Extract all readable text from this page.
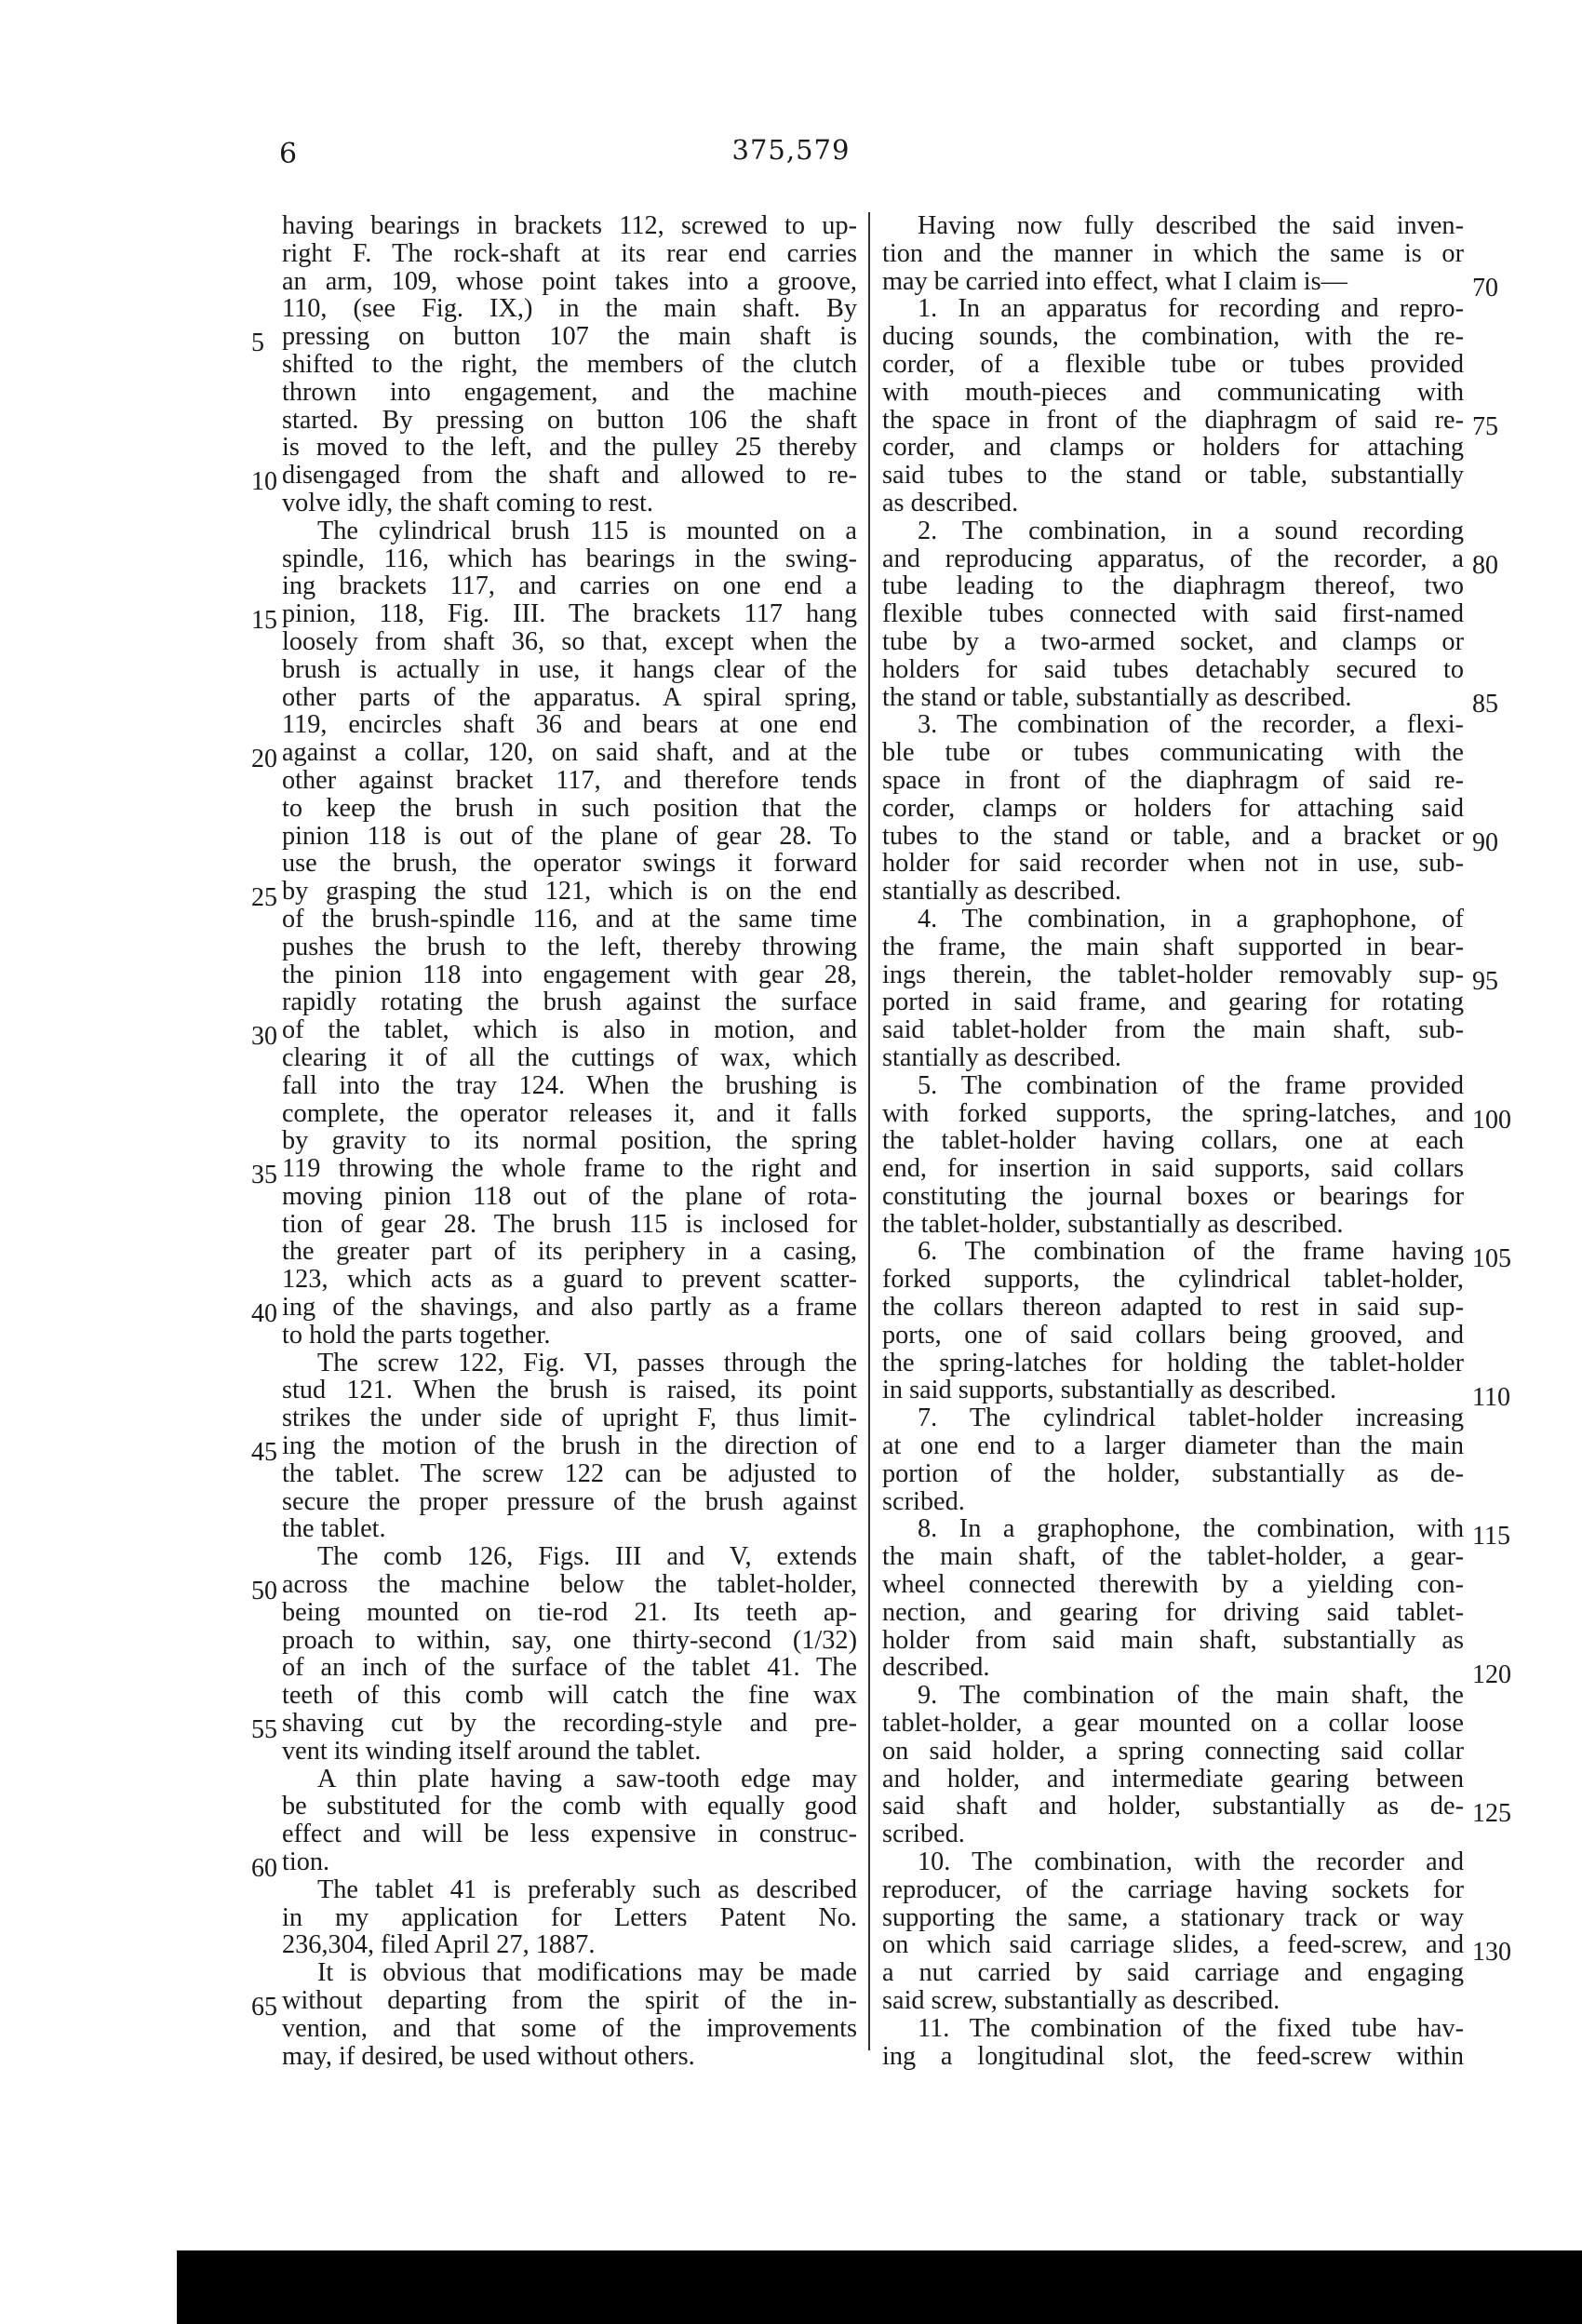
6	375,579
having bearings in brackets 112, screwed to up-
right F. The rock-shaft at its rear end carries
an arm, 109, whose point takes into a groove,
110, (see Fig. IX,) in the main shaft. By
pressing on button 107 the main shaft is
shifted to the right, the members of the clutch
thrown into engagement, and the machine
started. By pressing on button 106 the shaft
is moved to the left, and the pulley 25 thereby
disengaged from the shaft and allowed to re-
volve idly, the shaft coming to rest.
The cylindrical brush 115 is mounted on a
spindle, 116, which has bearings in the swing-
ing brackets 117, and carries on one end a
pinion, 118, Fig. III. The brackets 117 hang
loosely from shaft 36, so that, except when the
brush is actually in use, it hangs clear of the
other parts of the apparatus. A spiral spring,
119, encircles shaft 36 and bears at one end
against a collar, 120, on said shaft, and at the
other against bracket 117, and therefore tends
to keep the brush in such position that the
pinion 118 is out of the plane of gear 28. To
use the brush, the operator swings it forward
by grasping the stud 121, which is on the end
of the brush-spindle 116, and at the same time
pushes the brush to the left, thereby throwing
the pinion 118 into engagement with gear 28,
rapidly rotating the brush against the surface
of the tablet, which is also in motion, and
clearing it of all the cuttings of wax, which
fall into the tray 124. When the brushing is
complete, the operator releases it, and it falls
by gravity to its normal position, the spring
119 throwing the whole frame to the right and
moving pinion 118 out of the plane of rota-
tion of gear 28. The brush 115 is inclosed for
the greater part of its periphery in a casing,
123, which acts as a guard to prevent scatter-
ing of the shavings, and also partly as a frame
to hold the parts together.
The screw 122, Fig. VI, passes through the
stud 121. When the brush is raised, its point
strikes the under side of upright F, thus limit-
ing the motion of the brush in the direction of
the tablet. The screw 122 can be adjusted to
secure the proper pressure of the brush against
the tablet.
The comb 126, Figs. III and V, extends
across the machine below the tablet-holder,
being mounted on tie-rod 21. Its teeth ap-
proach to within, say, one thirty-second (1/32)
of an inch of the surface of the tablet 41. The
teeth of this comb will catch the fine wax
shaving cut by the recording-style and pre-
vent its winding itself around the tablet.
A thin plate having a saw-tooth edge may
be substituted for the comb with equally good
effect and will be less expensive in construc-
tion.
The tablet 41 is preferably such as described
in my application for Letters Patent No.
236,304, filed April 27, 1887.
It is obvious that modifications may be made
without departing from the spirit of the in-
vention, and that some of the improvements
may, if desired, be used without others.
Having now fully described the said inven-
tion and the manner in which the same is or
may be carried into effect, what I claim is—
1. In an apparatus for recording and repro-
ducing sounds, the combination, with the re-
corder, of a flexible tube or tubes provided
with mouth-pieces and communicating with
the space in front of the diaphragm of said re-
corder, and clamps or holders for attaching
said tubes to the stand or table, substantially
as described.
2. The combination, in a sound recording
and reproducing apparatus, of the recorder, a
tube leading to the diaphragm thereof, two
flexible tubes connected with said first-named
tube by a two-armed socket, and clamps or
holders for said tubes detachably secured to
the stand or table, substantially as described.
3. The combination of the recorder, a flexi-
ble tube or tubes communicating with the
space in front of the diaphragm of said re-
corder, clamps or holders for attaching said
tubes to the stand or table, and a bracket or
holder for said recorder when not in use, sub-
stantially as described.
4. The combination, in a graphophone, of
the frame, the main shaft supported in bear-
ings therein, the tablet-holder removably sup-
ported in said frame, and gearing for rotating
said tablet-holder from the main shaft, sub-
stantially as described.
5. The combination of the frame provided
with forked supports, the spring-latches, and
the tablet-holder having collars, one at each
end, for insertion in said supports, said collars
constituting the journal boxes or bearings for
the tablet-holder, substantially as described.
6. The combination of the frame having
forked supports, the cylindrical tablet-holder,
the collars thereon adapted to rest in said sup-
ports, one of said collars being grooved, and
the spring-latches for holding the tablet-holder
in said supports, substantially as described.
7. The cylindrical tablet-holder increasing
at one end to a larger diameter than the main
portion of the holder, substantially as de-
scribed.
8. In a graphophone, the combination, with
the main shaft, of the tablet-holder, a gear-
wheel connected therewith by a yielding con-
nection, and gearing for driving said tablet-
holder from said main shaft, substantially as
described.
9. The combination of the main shaft, the
tablet-holder, a gear mounted on a collar loose
on said holder, a spring connecting said collar
and holder, and intermediate gearing between
said shaft and holder, substantially as de-
scribed.
10. The combination, with the recorder and
reproducer, of the carriage having sockets for
supporting the same, a stationary track or way
on which said carriage slides, a feed-screw, and
a nut carried by said carriage and engaging
said screw, substantially as described.
11. The combination of the fixed tube hav-
ing a longitudinal slot, the feed-screw within
5
10
15
20
25
30
35
40
45
50
55
60
65
70
75
80
85
90
95
100
105
110
115
120
125
130
